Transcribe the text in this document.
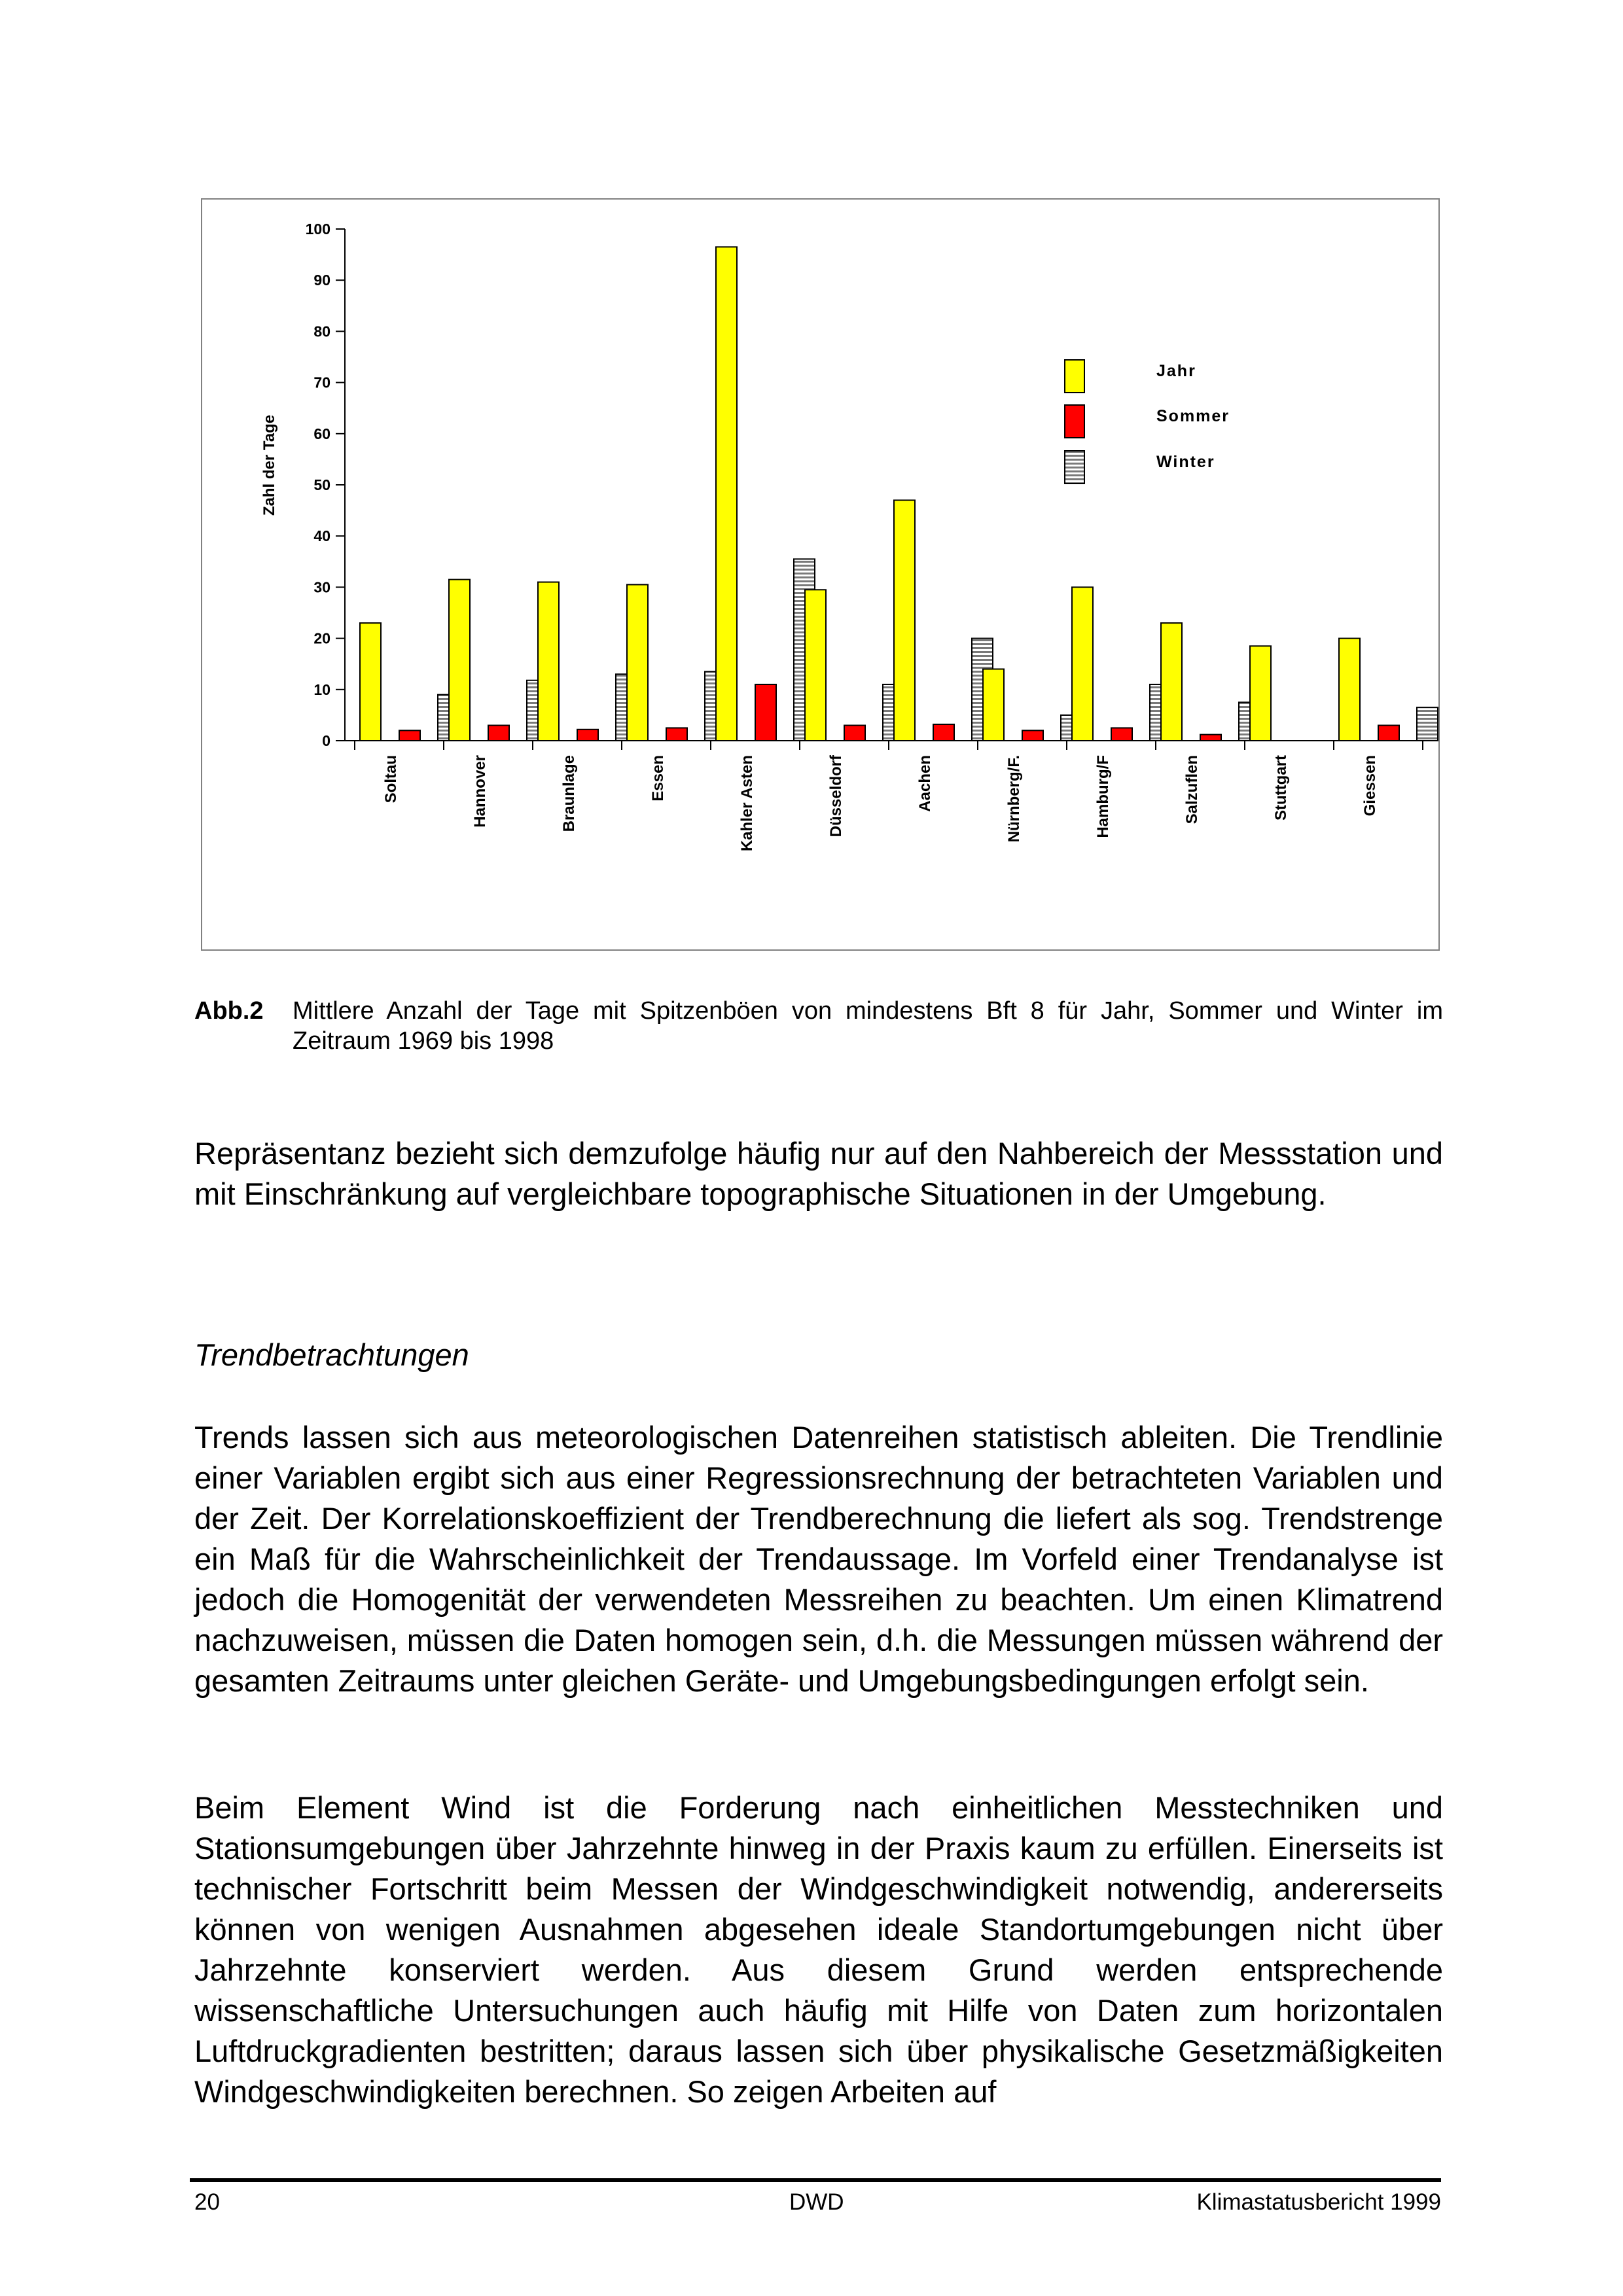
0
10
20
30
40
50
60
70
80
90
100
Zahl der Tage
Soltau	Hannover	Braunlage	Essen	Kahler Asten	Düsseldorf	Aachen	Nürnberg/F.	Hamburg/F	Salzuflen	Stuttgart	Giessen
Jahr
Sommer
Winter
Abb.2 Mittlere Anzahl der Tage mit Spitzenböen von mindestens Bft 8 für Jahr, Sommer und Winter im Zeitraum 1969 bis 1998

Repräsentanz bezieht sich demzufolge häufig nur auf den Nahbereich der Messstation und mit Einschränkung auf vergleichbare topographische Situationen in der Umgebung.

Trendbetrachtungen

Trends lassen sich aus meteorologischen Datenreihen statistisch ableiten. Die Trendlinie einer Variablen ergibt sich aus einer Regressionsrechnung der betrachteten Variablen und der Zeit. Der Korrelationskoeffizient der Trendberechnung die liefert als sog. Trendstrenge ein Maß für die Wahrscheinlichkeit der Trendaussage. Im Vorfeld einer Trendanalyse ist jedoch die Homogenität der verwendeten Messreihen zu beachten. Um einen Klimatrend nachzuweisen, müssen die Daten homogen sein, d.h. die Messungen müssen während der gesamten Zeitraums unter gleichen Geräte- und Umgebungsbedingungen erfolgt sein.

Beim Element Wind ist die Forderung nach einheitlichen Messtechniken und Stationsumgebungen über Jahrzehnte hinweg in der Praxis kaum zu erfüllen. Einerseits ist technischer Fortschritt beim Messen der Windgeschwindigkeit notwendig, andererseits können von wenigen Ausnahmen abgesehen ideale Standortumgebungen nicht über Jahrzehnte konserviert werden. Aus diesem Grund werden entsprechende wissenschaftliche Untersuchungen auch häufig mit Hilfe von Daten zum horizontalen Luftdruckgradienten bestritten; daraus lassen sich über physikalische Gesetzmäßigkeiten Windgeschwindigkeiten berechnen. So zeigen Arbeiten auf

20	DWD	Klimastatusbericht 1999
